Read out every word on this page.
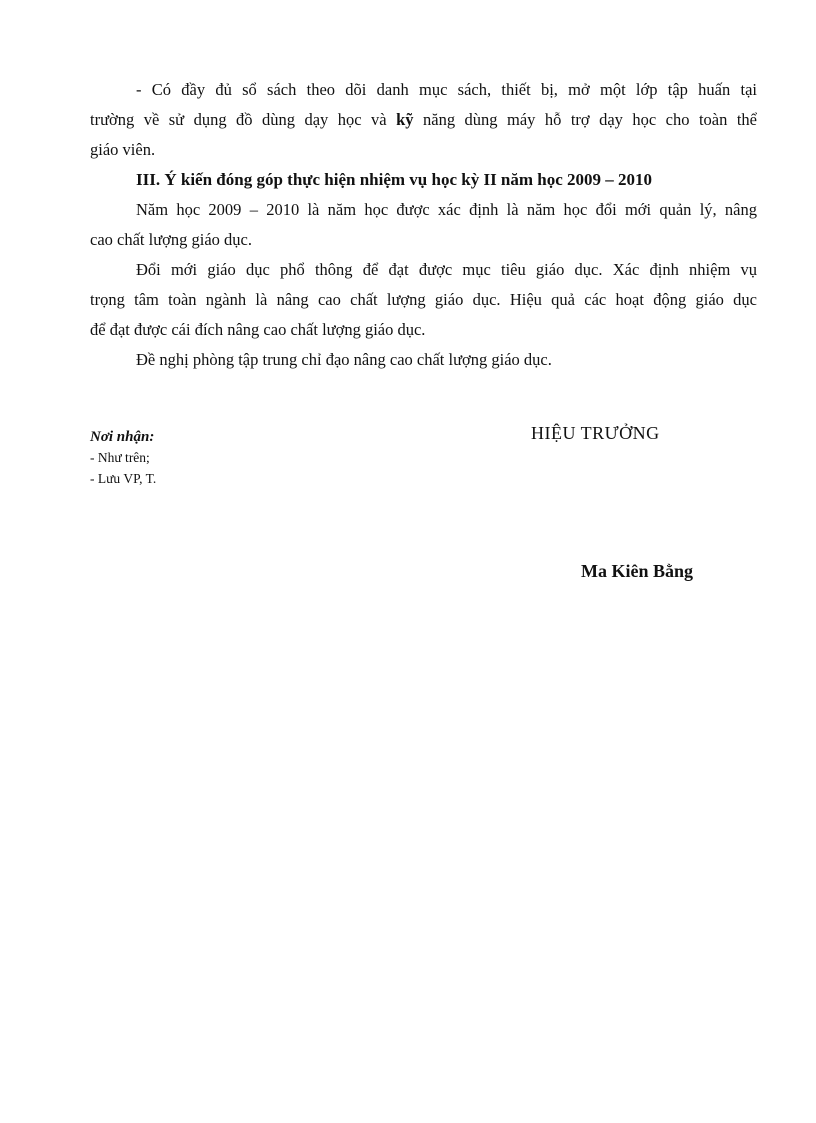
- Có đầy đủ sổ sách theo dõi danh mục sách, thiết bị, mở một lớp tập huấn tại
trường về sử dụng đồ dùng dạy học và kỹ năng dùng máy hỗ trợ dạy học cho toàn thể
giáo viên.
III. Ý kiến đóng góp thực hiện nhiệm vụ học kỳ II năm học 2009 – 2010
Năm học 2009 – 2010 là năm học được xác định là năm học đổi mới quản lý, nâng
cao chất lượng giáo dục.
Đổi mới giáo dục phổ thông để đạt được mục tiêu giáo dục. Xác định nhiệm vụ
trọng tâm toàn ngành là nâng cao chất lượng giáo dục. Hiệu quả các hoạt động giáo dục
để đạt được cái đích nâng cao chất lượng giáo dục.
Đề nghị phòng tập trung chỉ đạo nâng cao chất lượng giáo dục.
Nơi nhận:
- Như trên;
- Lưu VP, T.
HIỆU TRƯỞNG
Ma Kiên Bằng
